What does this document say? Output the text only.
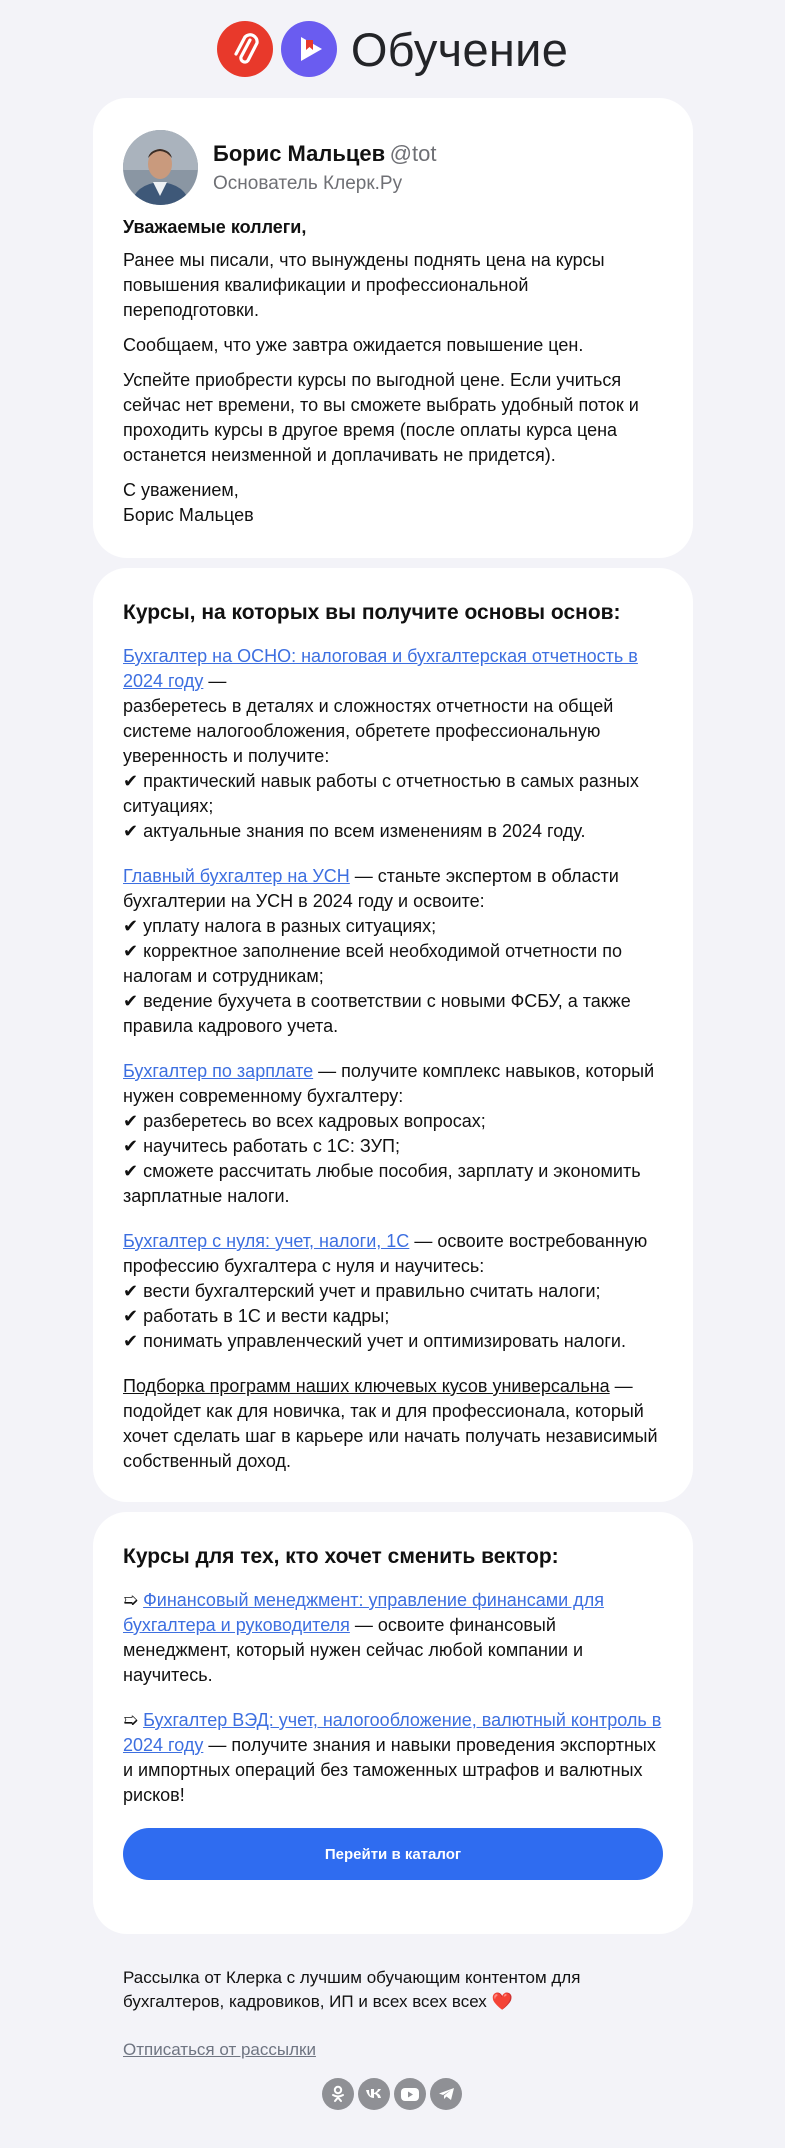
Обучение
Борис Мальцев @tot
Основатель Клерк.Ру

Уважаемые коллеги,

Ранее мы писали, что вынуждены поднять цена на курсы повышения квалификации и профессиональной переподготовки.

Сообщаем, что уже завтра ожидается повышение цен.

Успейте приобрести курсы по выгодной цене. Если учиться сейчас нет времени, то вы сможете выбрать удобный поток и проходить курсы в другое время (после оплаты курса цена останется неизменной и доплачивать не придется).

С уважением,
Борис Мальцев

Курсы, на которых вы получите основы основ:
Бухгалтер на ОСНО: налоговая и бухгалтерская отчетность в 2024 году —
разберетесь в деталях и сложностях отчетности на общей системе налогообложения, обретете профессиональную уверенность и получите:
✔ практический навык работы с отчетностью в самых разных ситуациях;
✔ актуальные знания по всем изменениям в 2024 году.
Главный бухгалтер на УСН — станьте экспертом в области бухгалтерии на УСН в 2024 году и освоите:
✔ уплату налога в разных ситуациях;
✔ корректное заполнение всей необходимой отчетности по налогам и сотрудникам;
✔ ведение бухучета в соответствии с новыми ФСБУ, а также правила кадрового учета.
Бухгалтер по зарплате — получите комплекс навыков, который нужен современному бухгалтеру:
✔ разберетесь во всех кадровых вопросах;
✔ научитесь работать с 1С: ЗУП;
✔ сможете рассчитать любые пособия, зарплату и экономить зарплатные налоги.
Бухгалтер с нуля: учет, налоги, 1С — освоите востребованную профессию бухгалтера с нуля и научитесь:
✔ вести бухгалтерский учет и правильно считать налоги;
✔ работать в 1С и вести кадры;
✔ понимать управленческий учет и оптимизировать налоги.
Подборка программ наших ключевых кусов универсальна — подойдет как для новичка, так и для профессионала, который хочет сделать шаг в карьере или начать получать независимый собственный доход.
Курсы для тех, кто хочет сменить вектор:
➯ Финансовый менеджмент: управление финансами для бухгалтера и руководителя — освоите финансовый менеджмент, который нужен сейчас любой компании и научитесь.
➯ Бухгалтер ВЭД: учет, налогообложение, валютный контроль в 2024 году — получите знания и навыки проведения экспортных и импортных операций без таможенных штрафов и валютных рисков!
Перейти в каталог

Рассылка от Клерка с лучшим обучающим контентом для бухгалтеров, кадровиков, ИП и всех всех всех ❤️

Отписаться от рассылки
